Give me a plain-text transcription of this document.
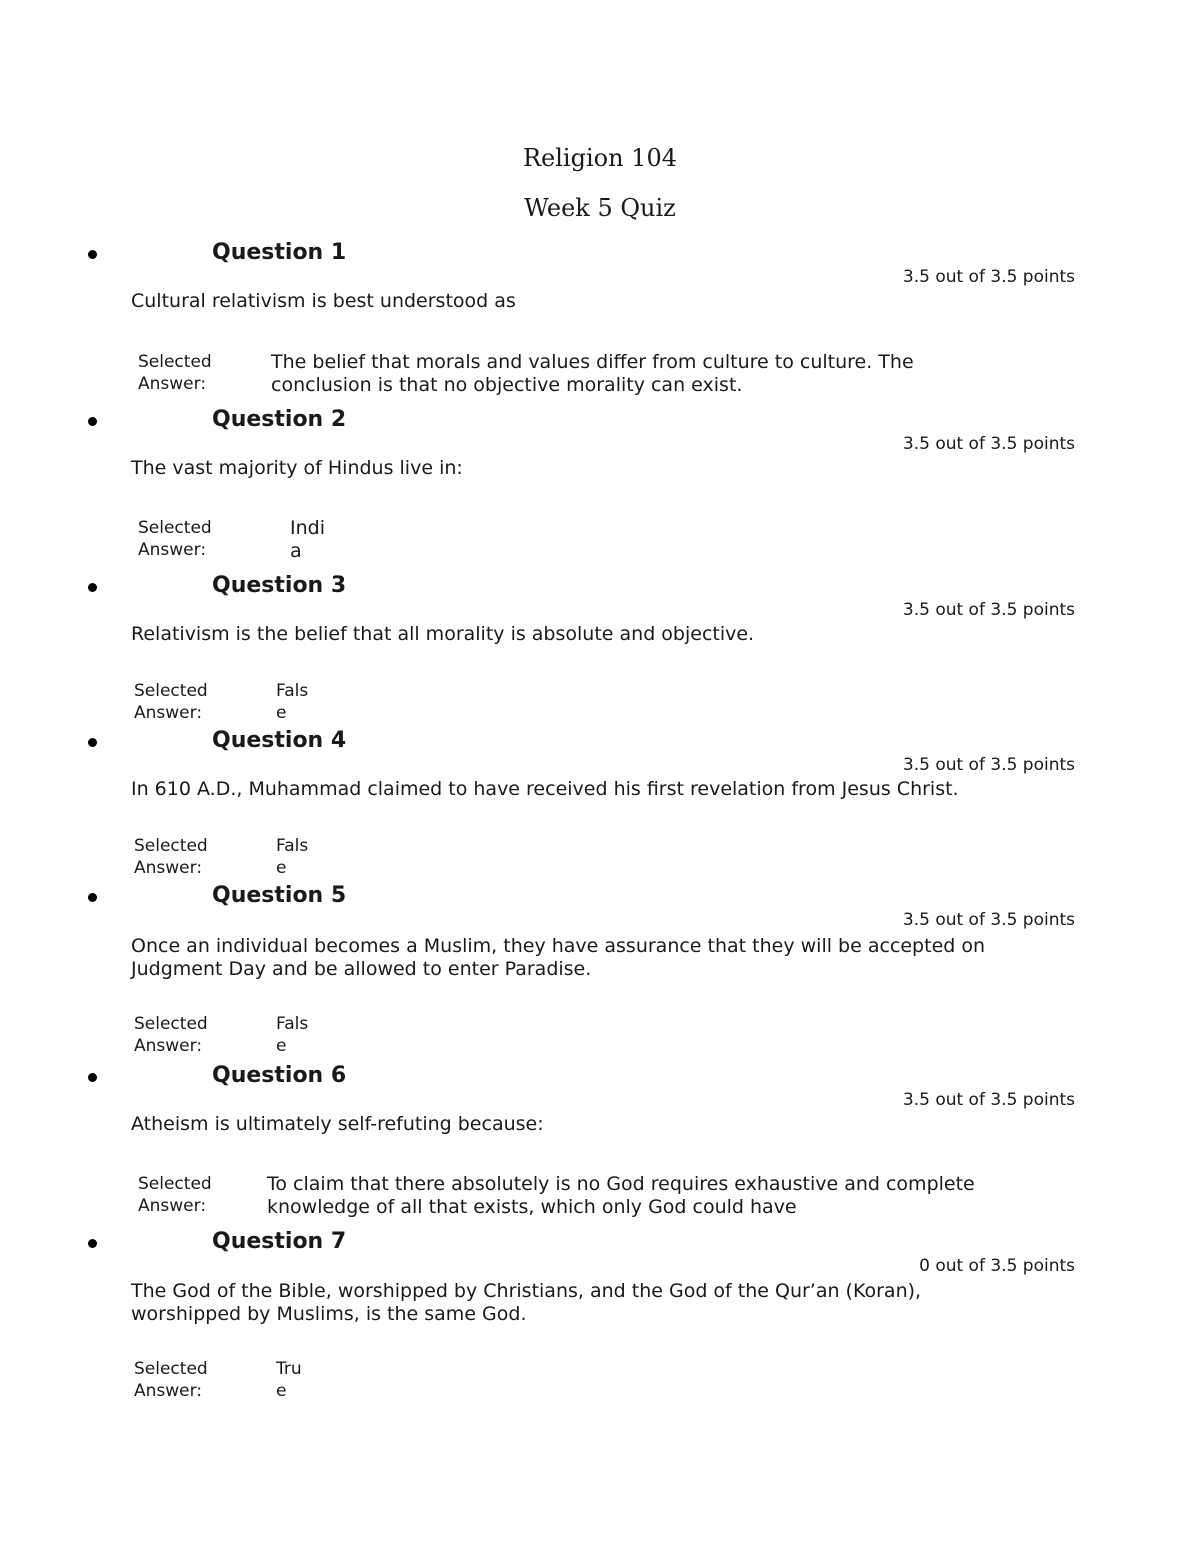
Religion 104
Week 5 Quiz
Question 1
3.5 out of 3.5 points
Cultural relativism is best understood as
Selected
Answer:
The belief that morals and values differ from culture to culture. The
conclusion is that no objective morality can exist.
Question 2
3.5 out of 3.5 points
The vast majority of Hindus live in:
Selected
Answer:
Indi
a
Question 3
3.5 out of 3.5 points
Relativism is the belief that all morality is absolute and objective.
Selected
Answer:
Fals
e
Question 4
3.5 out of 3.5 points
In 610 A.D., Muhammad claimed to have received his first revelation from Jesus Christ.
Selected
Answer:
Fals
e
Question 5
3.5 out of 3.5 points
Once an individual becomes a Muslim, they have assurance that they will be accepted on
Judgment Day and be allowed to enter Paradise.
Selected
Answer:
Fals
e
Question 6
3.5 out of 3.5 points
Atheism is ultimately self-refuting because:
Selected
Answer:
To claim that there absolutely is no God requires exhaustive and complete
knowledge of all that exists, which only God could have
Question 7
0 out of 3.5 points
The God of the Bible, worshipped by Christians, and the God of the Qur’an (Koran),
worshipped by Muslims, is the same God.
Selected
Answer:
Tru
e
